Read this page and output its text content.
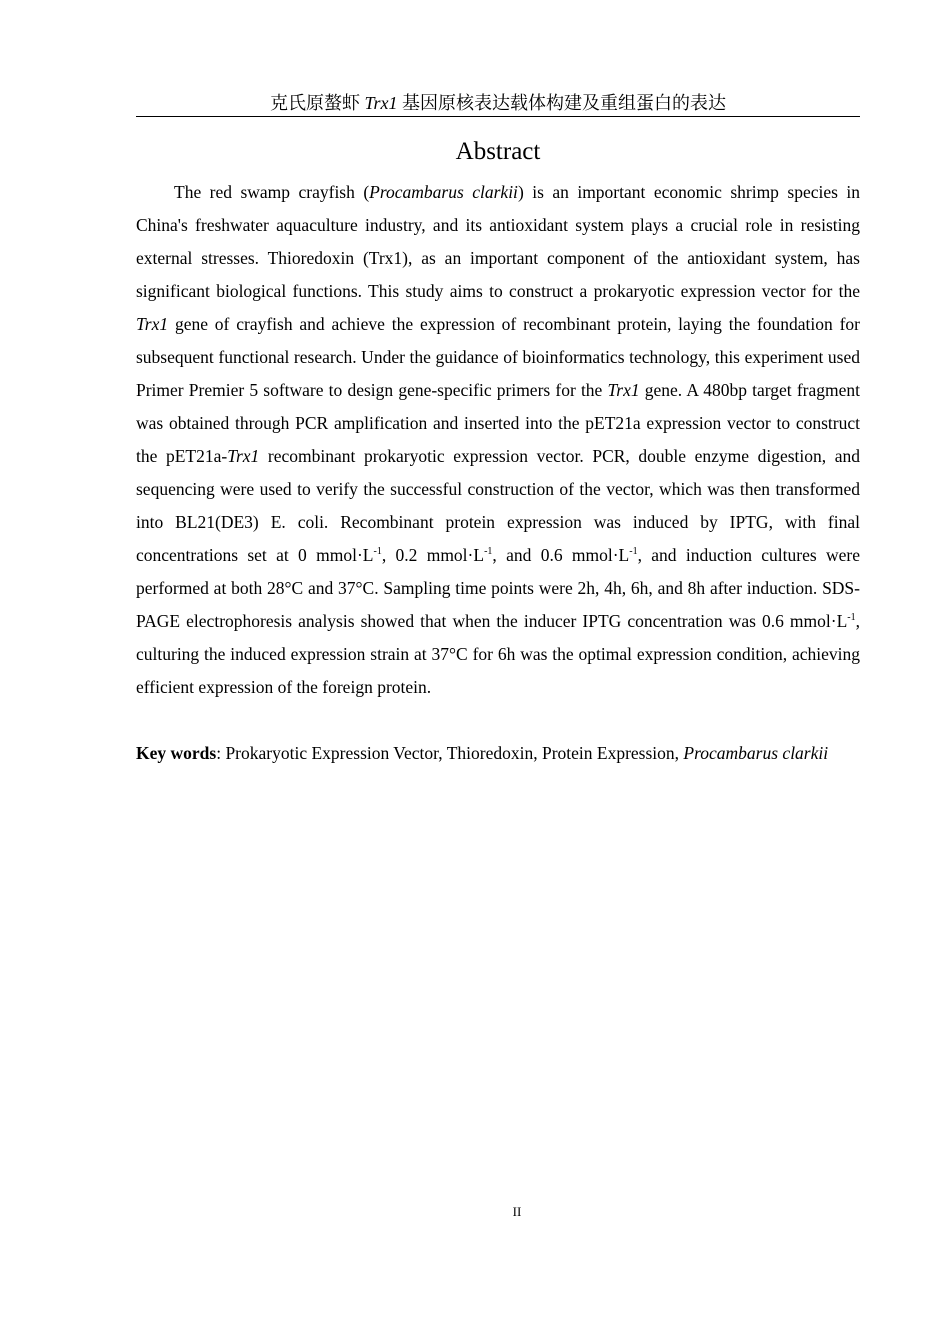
克氏原螯虾 Trx1 基因原核表达载体构建及重组蛋白的表达
Abstract

The red swamp crayfish (Procambarus clarkii) is an important economic shrimp species in China's freshwater aquaculture industry, and its antioxidant system plays a crucial role in resisting external stresses. Thioredoxin (Trx1), as an important component of the antioxidant system, has significant biological functions. This study aims to construct a prokaryotic expression vector for the Trx1 gene of crayfish and achieve the expression of recombinant protein, laying the foundation for subsequent functional research. Under the guidance of bioinformatics technology, this experiment used Primer Premier 5 software to design gene-specific primers for the Trx1 gene. A 480bp target fragment was obtained through PCR amplification and inserted into the pET21a expression vector to construct the pET21a-Trx1 recombinant prokaryotic expression vector. PCR, double enzyme digestion, and sequencing were used to verify the successful construction of the vector, which was then transformed into BL21(DE3) E. coli. Recombinant protein expression was induced by IPTG, with final concentrations set at 0 $mmol\cdot L^{-1}$, 0.2 $mmol\cdot L^{-1}$, and 0.6 $mmol\cdot L^{-1}$, and induction cultures were performed at both 28°C and 37°C. Sampling time points were 2h, 4h, 6h, and 8h after induction. SDS-PAGE electrophoresis analysis showed that when the inducer IPTG concentration was 0.6 $mmol\cdot L^{-1}$, culturing the induced expression strain at 37°C for 6h was the optimal expression condition, achieving efficient expression of the foreign protein.

Key words: Prokaryotic Expression Vector, Thioredoxin, Protein Expression, Procambarus clarkii

II
